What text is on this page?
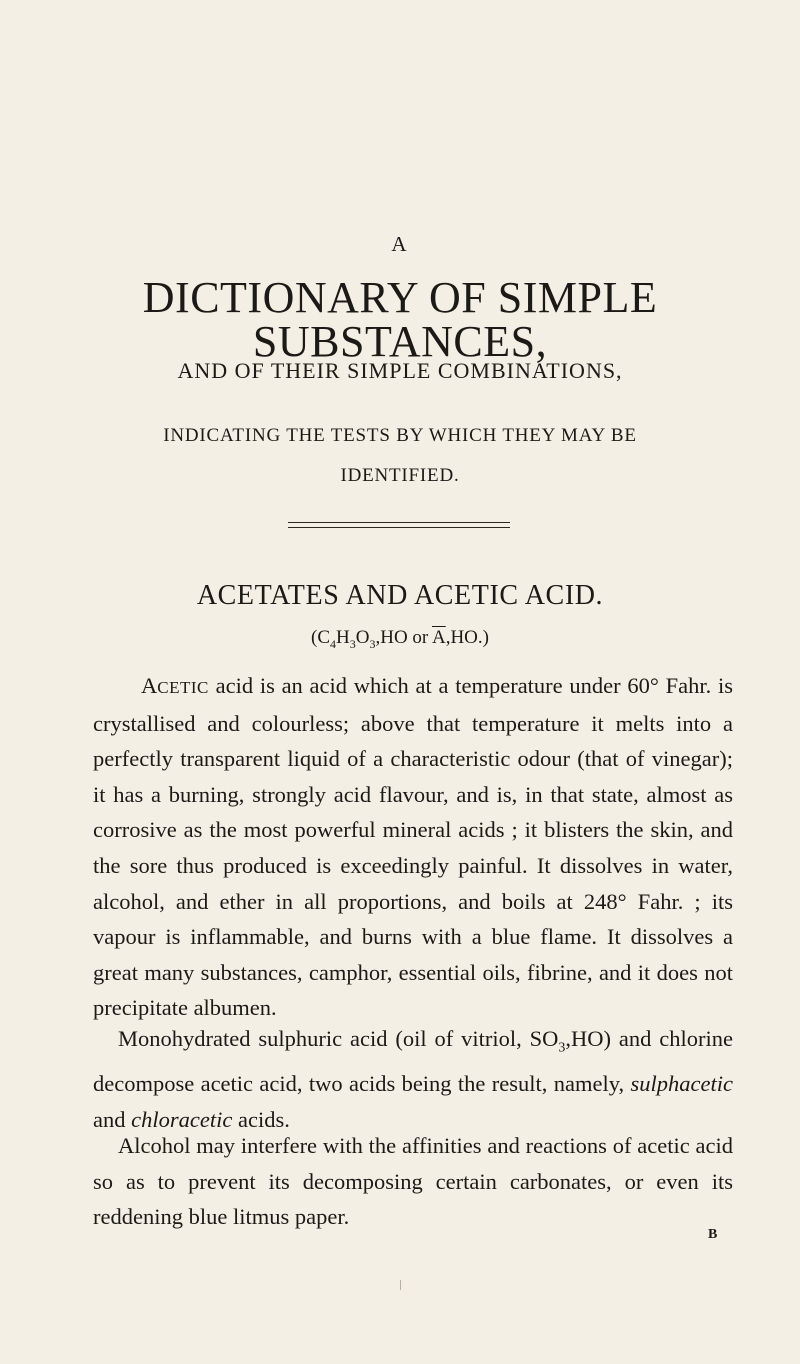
A
DICTIONARY OF SIMPLE SUBSTANCES,
AND OF THEIR SIMPLE COMBINATIONS,
INDICATING THE TESTS BY WHICH THEY MAY BE
IDENTIFIED.
ACETATES AND ACETIC ACID.
($C_4H_3O_3,HO$ or $\overline{A},HO$.)

ACETIC acid is an acid which at a temperature under 60° Fahr. is crystallised and colourless; above that temperature it melts into a perfectly transparent liquid of a characteristic odour (that of vinegar); it has a burning, strongly acid flavour, and is, in that state, almost as corrosive as the most powerful mineral acids ; it blisters the skin, and the sore thus produced is exceedingly painful. It dissolves in water, alcohol, and ether in all proportions, and boils at 248° Fahr. ; its vapour is inflammable, and burns with a blue flame. It dissolves a great many substances, camphor, essential oils, fibrine, and it does not precipitate albumen.

Monohydrated sulphuric acid (oil of vitriol, $SO_3,HO$) and chlorine decompose acetic acid, two acids being the result, namely, sulphacetic and chloracetic acids.

Alcohol may interfere with the affinities and reactions of acetic acid so as to prevent its decomposing certain carbonates, or even its reddening blue litmus paper.

B
